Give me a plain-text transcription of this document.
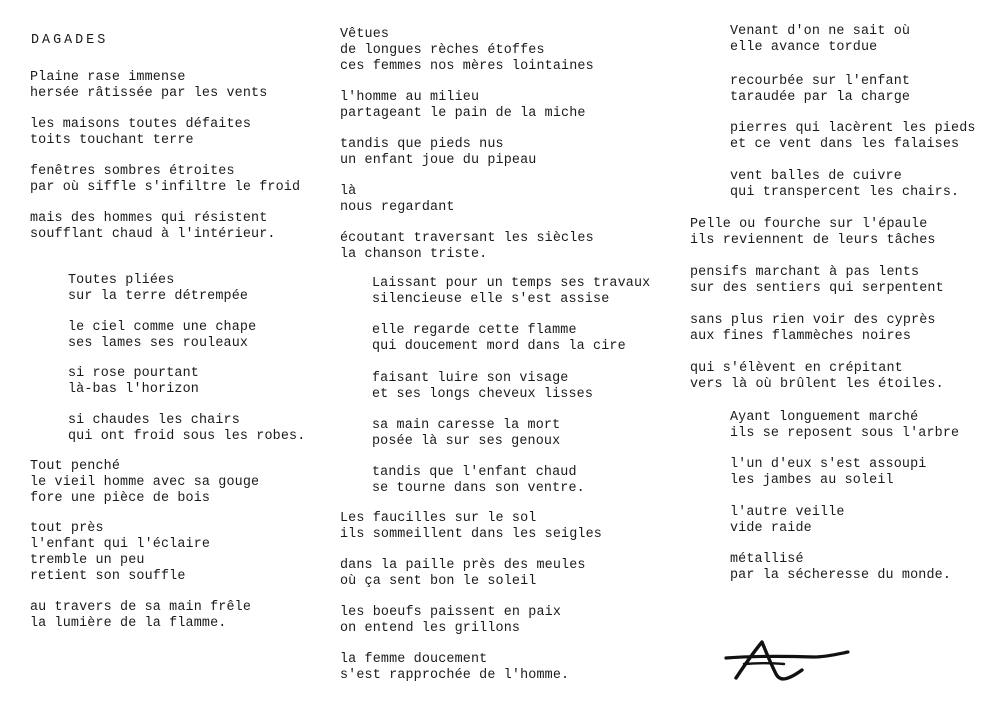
DAGADES
Plaine rase immense
hersée râtissée par les vents
les maisons toutes défaites
toits touchant terre
fenêtres sombres étroites
par où siffle s'infiltre le froid
mais des hommes qui résistent
soufflant chaud à l'intérieur.
Toutes pliées
sur la terre détrempée
le ciel comme une chape
ses lames ses rouleaux
si rose pourtant
là-bas l'horizon
si chaudes les chairs
qui ont froid sous les robes.
Tout penché
le vieil homme avec sa gouge
fore une pièce de bois
tout près
l'enfant qui l'éclaire
tremble un peu
retient son souffle
au travers de sa main frêle
la lumière de la flamme.
Vêtues
de longues rèches étoffes
ces femmes nos mères lointaines
l'homme au milieu
partageant le pain de la miche
tandis que pieds nus
un enfant joue du pipeau
là
nous regardant
écoutant traversant les siècles
la chanson triste.
Laissant pour un temps ses travaux
silencieuse elle s'est assise
elle regarde cette flamme
qui doucement mord dans la cire
faisant luire son visage
et ses longs cheveux lisses
sa main caresse la mort
posée là sur ses genoux
tandis que l'enfant chaud
se tourne dans son ventre.
Les faucilles sur le sol
ils sommeillent dans les seigles
dans la paille près des meules
où ça sent bon le soleil
les boeufs paissent en paix
on entend les grillons
la femme doucement
s'est rapprochée de l'homme.
Venant d'on ne sait où
elle avance tordue
recourbée sur l'enfant
taraudée par la charge
pierres qui lacèrent les pieds
et ce vent dans les falaises
vent balles de cuivre
qui transpercent les chairs.
Pelle ou fourche sur l'épaule
ils reviennent de leurs tâches
pensifs marchant à pas lents
sur des sentiers qui serpentent
sans plus rien voir des cyprès
aux fines flammèches noires
qui s'élèvent en crépitant
vers là où brûlent les étoiles.
Ayant longuement marché
ils se reposent sous l'arbre
l'un d'eux s'est assoupi
les jambes au soleil
l'autre veille
vide raide
métallisé
par la sécheresse du monde.
